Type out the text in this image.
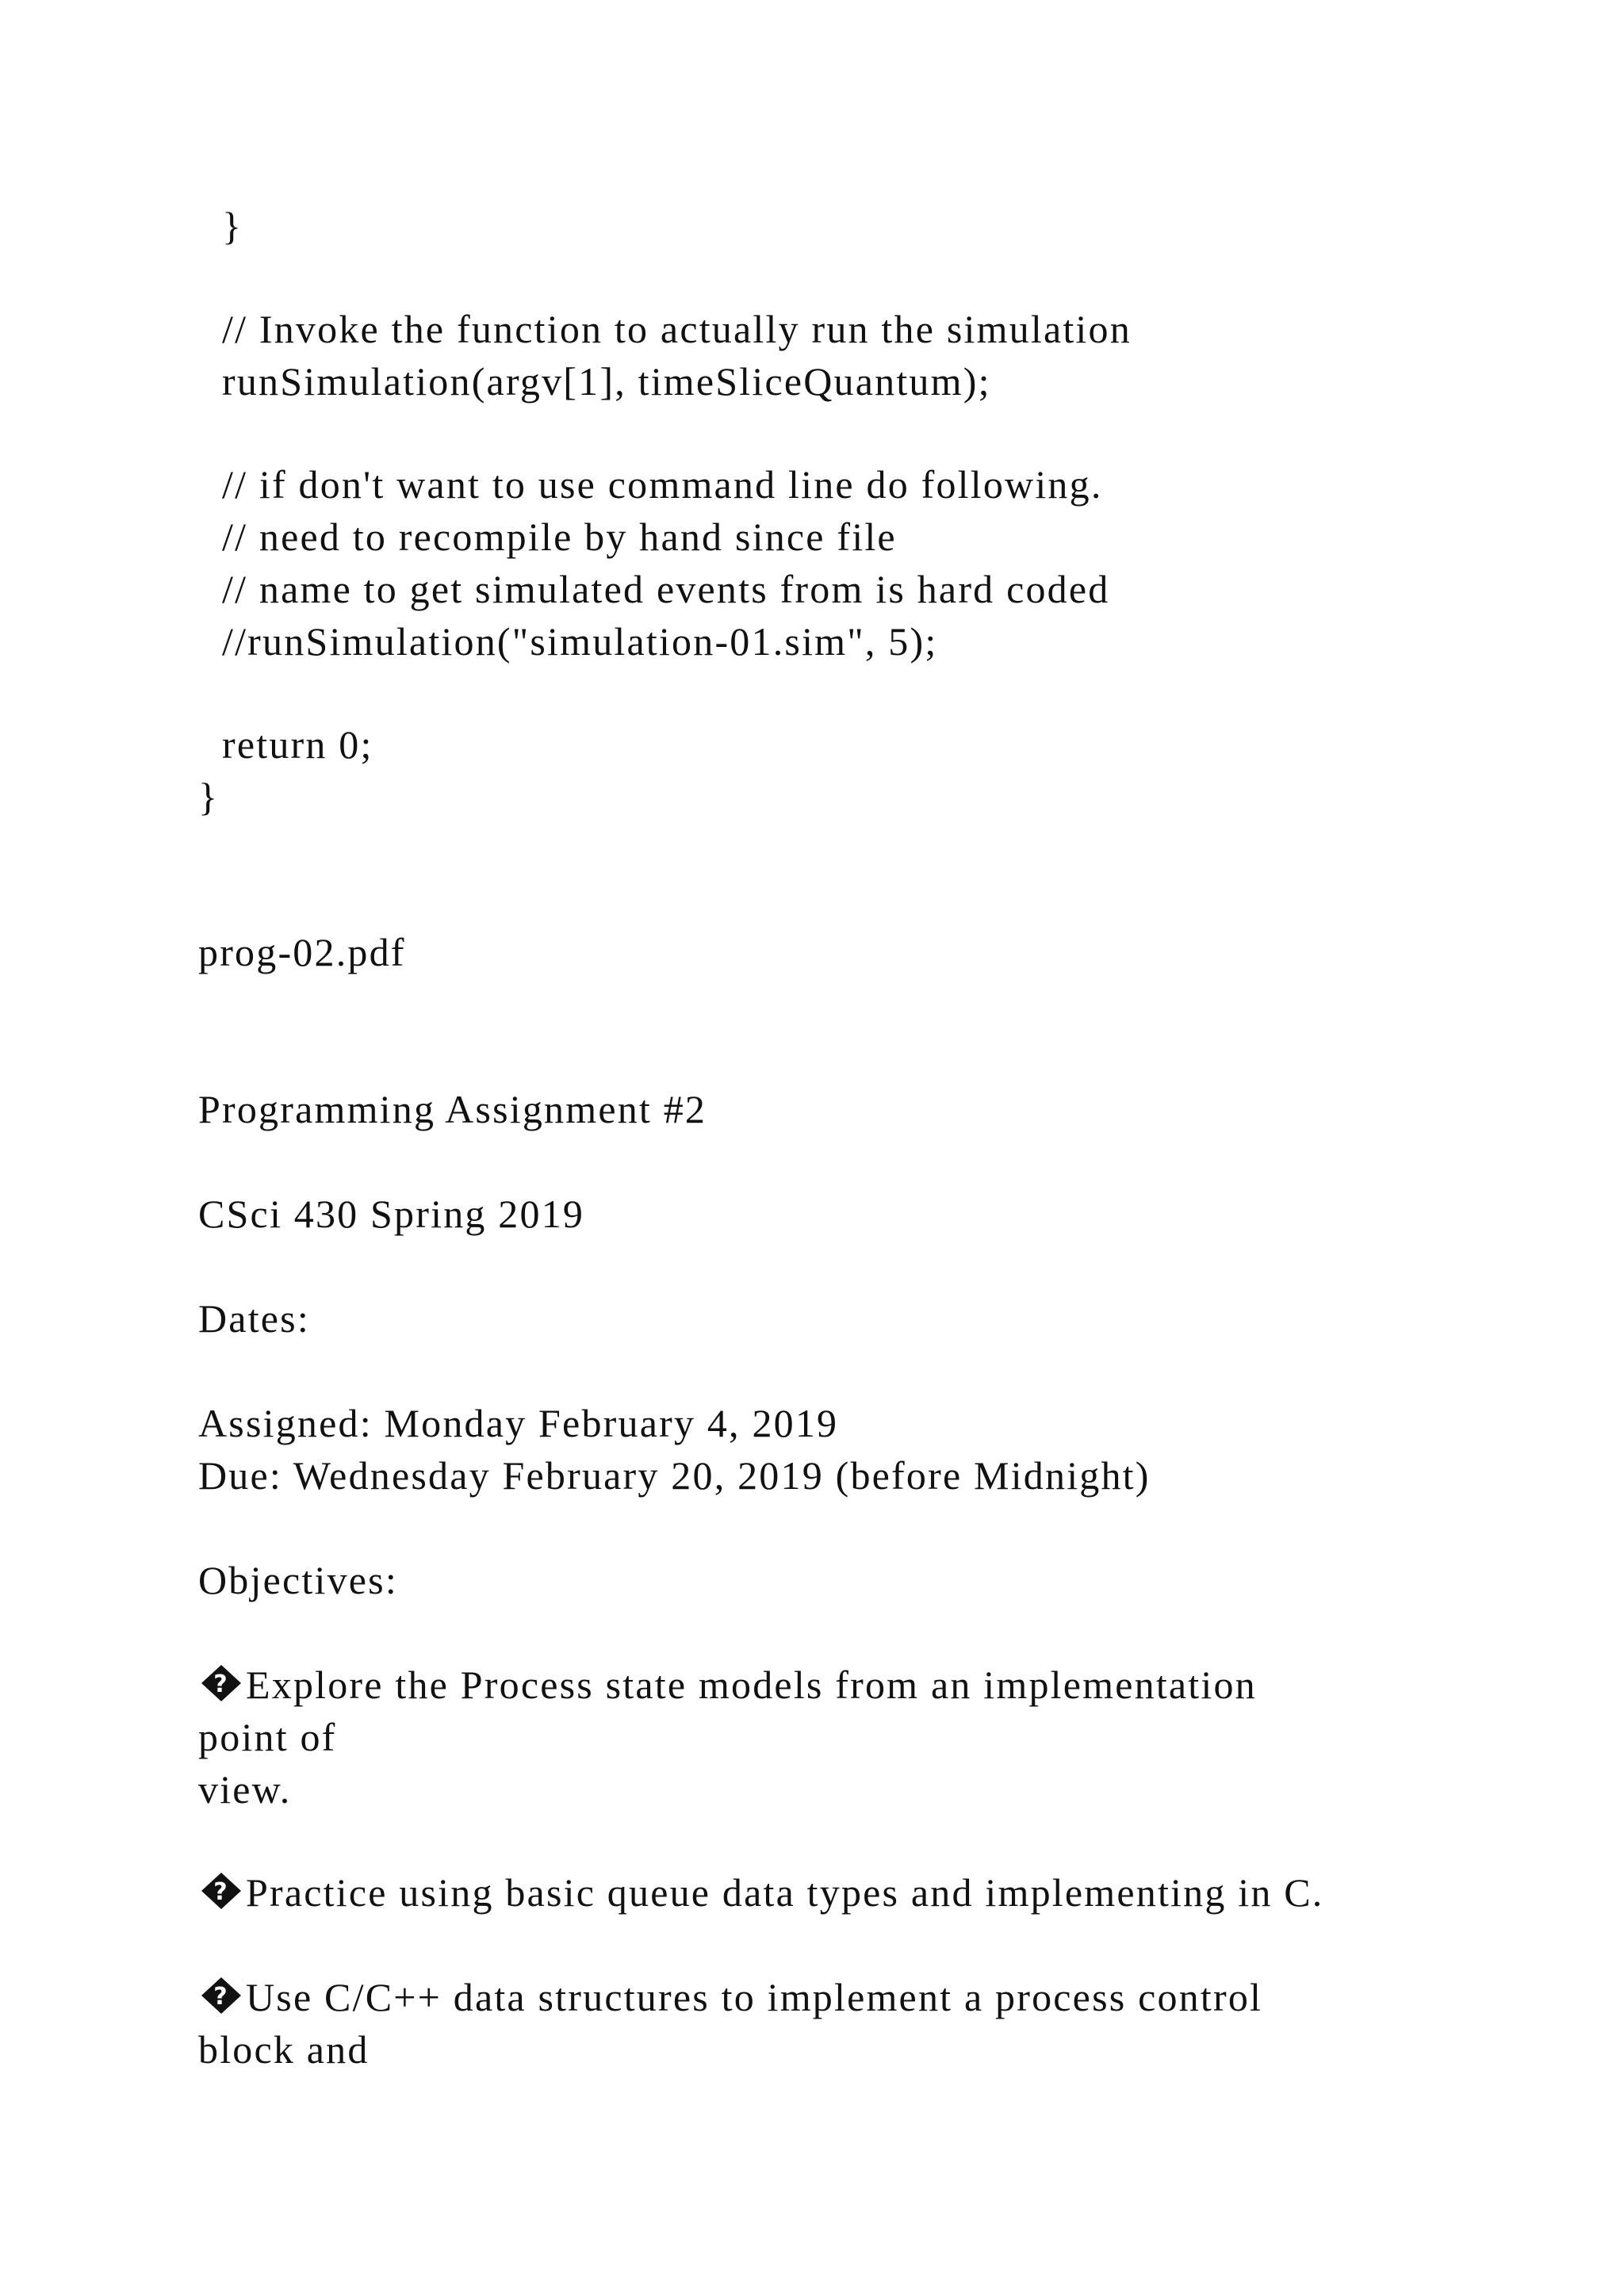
}

// Invoke the function to actually run the simulation

runSimulation(argv[1], timeSliceQuantum);

// if don't want to use command line do following.

// need to recompile by hand since file

// name to get simulated events from is hard coded

//runSimulation("simulation-01.sim", 5);

return 0;

}

prog-02.pdf

Programming Assignment #2

CSci 430 Spring 2019

Dates:

Assigned: Monday February 4, 2019

Due: Wednesday February 20, 2019 (before Midnight)

Objectives:

? Explore the Process state models from an implementation

point of

view.

? Practice using basic queue data types and implementing in C.

? Use C/C++ data structures to implement a process control

block and
